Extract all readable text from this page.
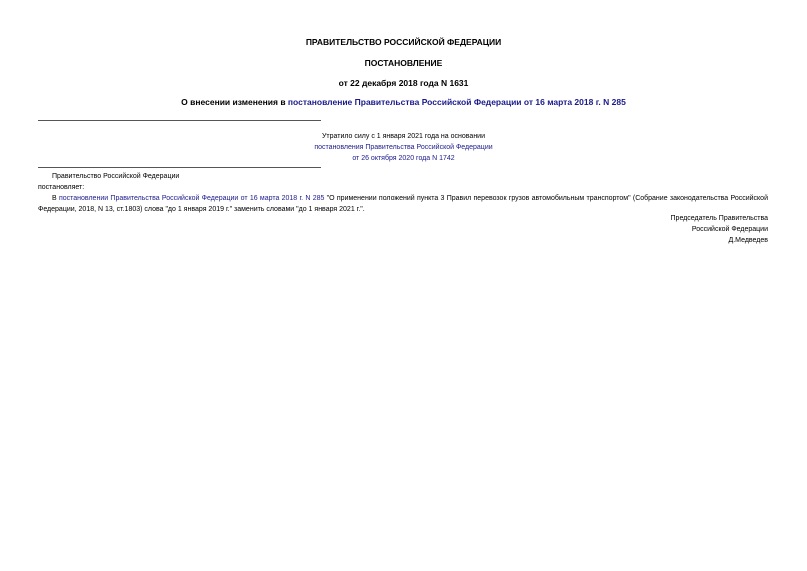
ПРАВИТЕЛЬСТВО РОССИЙСКОЙ ФЕДЕРАЦИИ
ПОСТАНОВЛЕНИЕ
от 22 декабря 2018 года N 1631
О внесении изменения в постановление Правительства Российской Федерации от 16 марта 2018 г. N 285
Утратило силу с 1 января 2021 года на основании
постановления Правительства Российской Федерации
от 26 октября 2020 года N 1742
Правительство Российской Федерации
постановляет:
В постановлении Правительства Российской Федерации от 16 марта 2018 г. N 285 "О применении положений пункта 3 Правил перевозок грузов автомобильным транспортом" (Собрание законодательства Российской Федерации, 2018, N 13, ст.1803) слова "до 1 января 2019 г." заменить словами "до 1 января 2021 г.".
Председатель Правительства
Российской Федерации
Д.Медведев
